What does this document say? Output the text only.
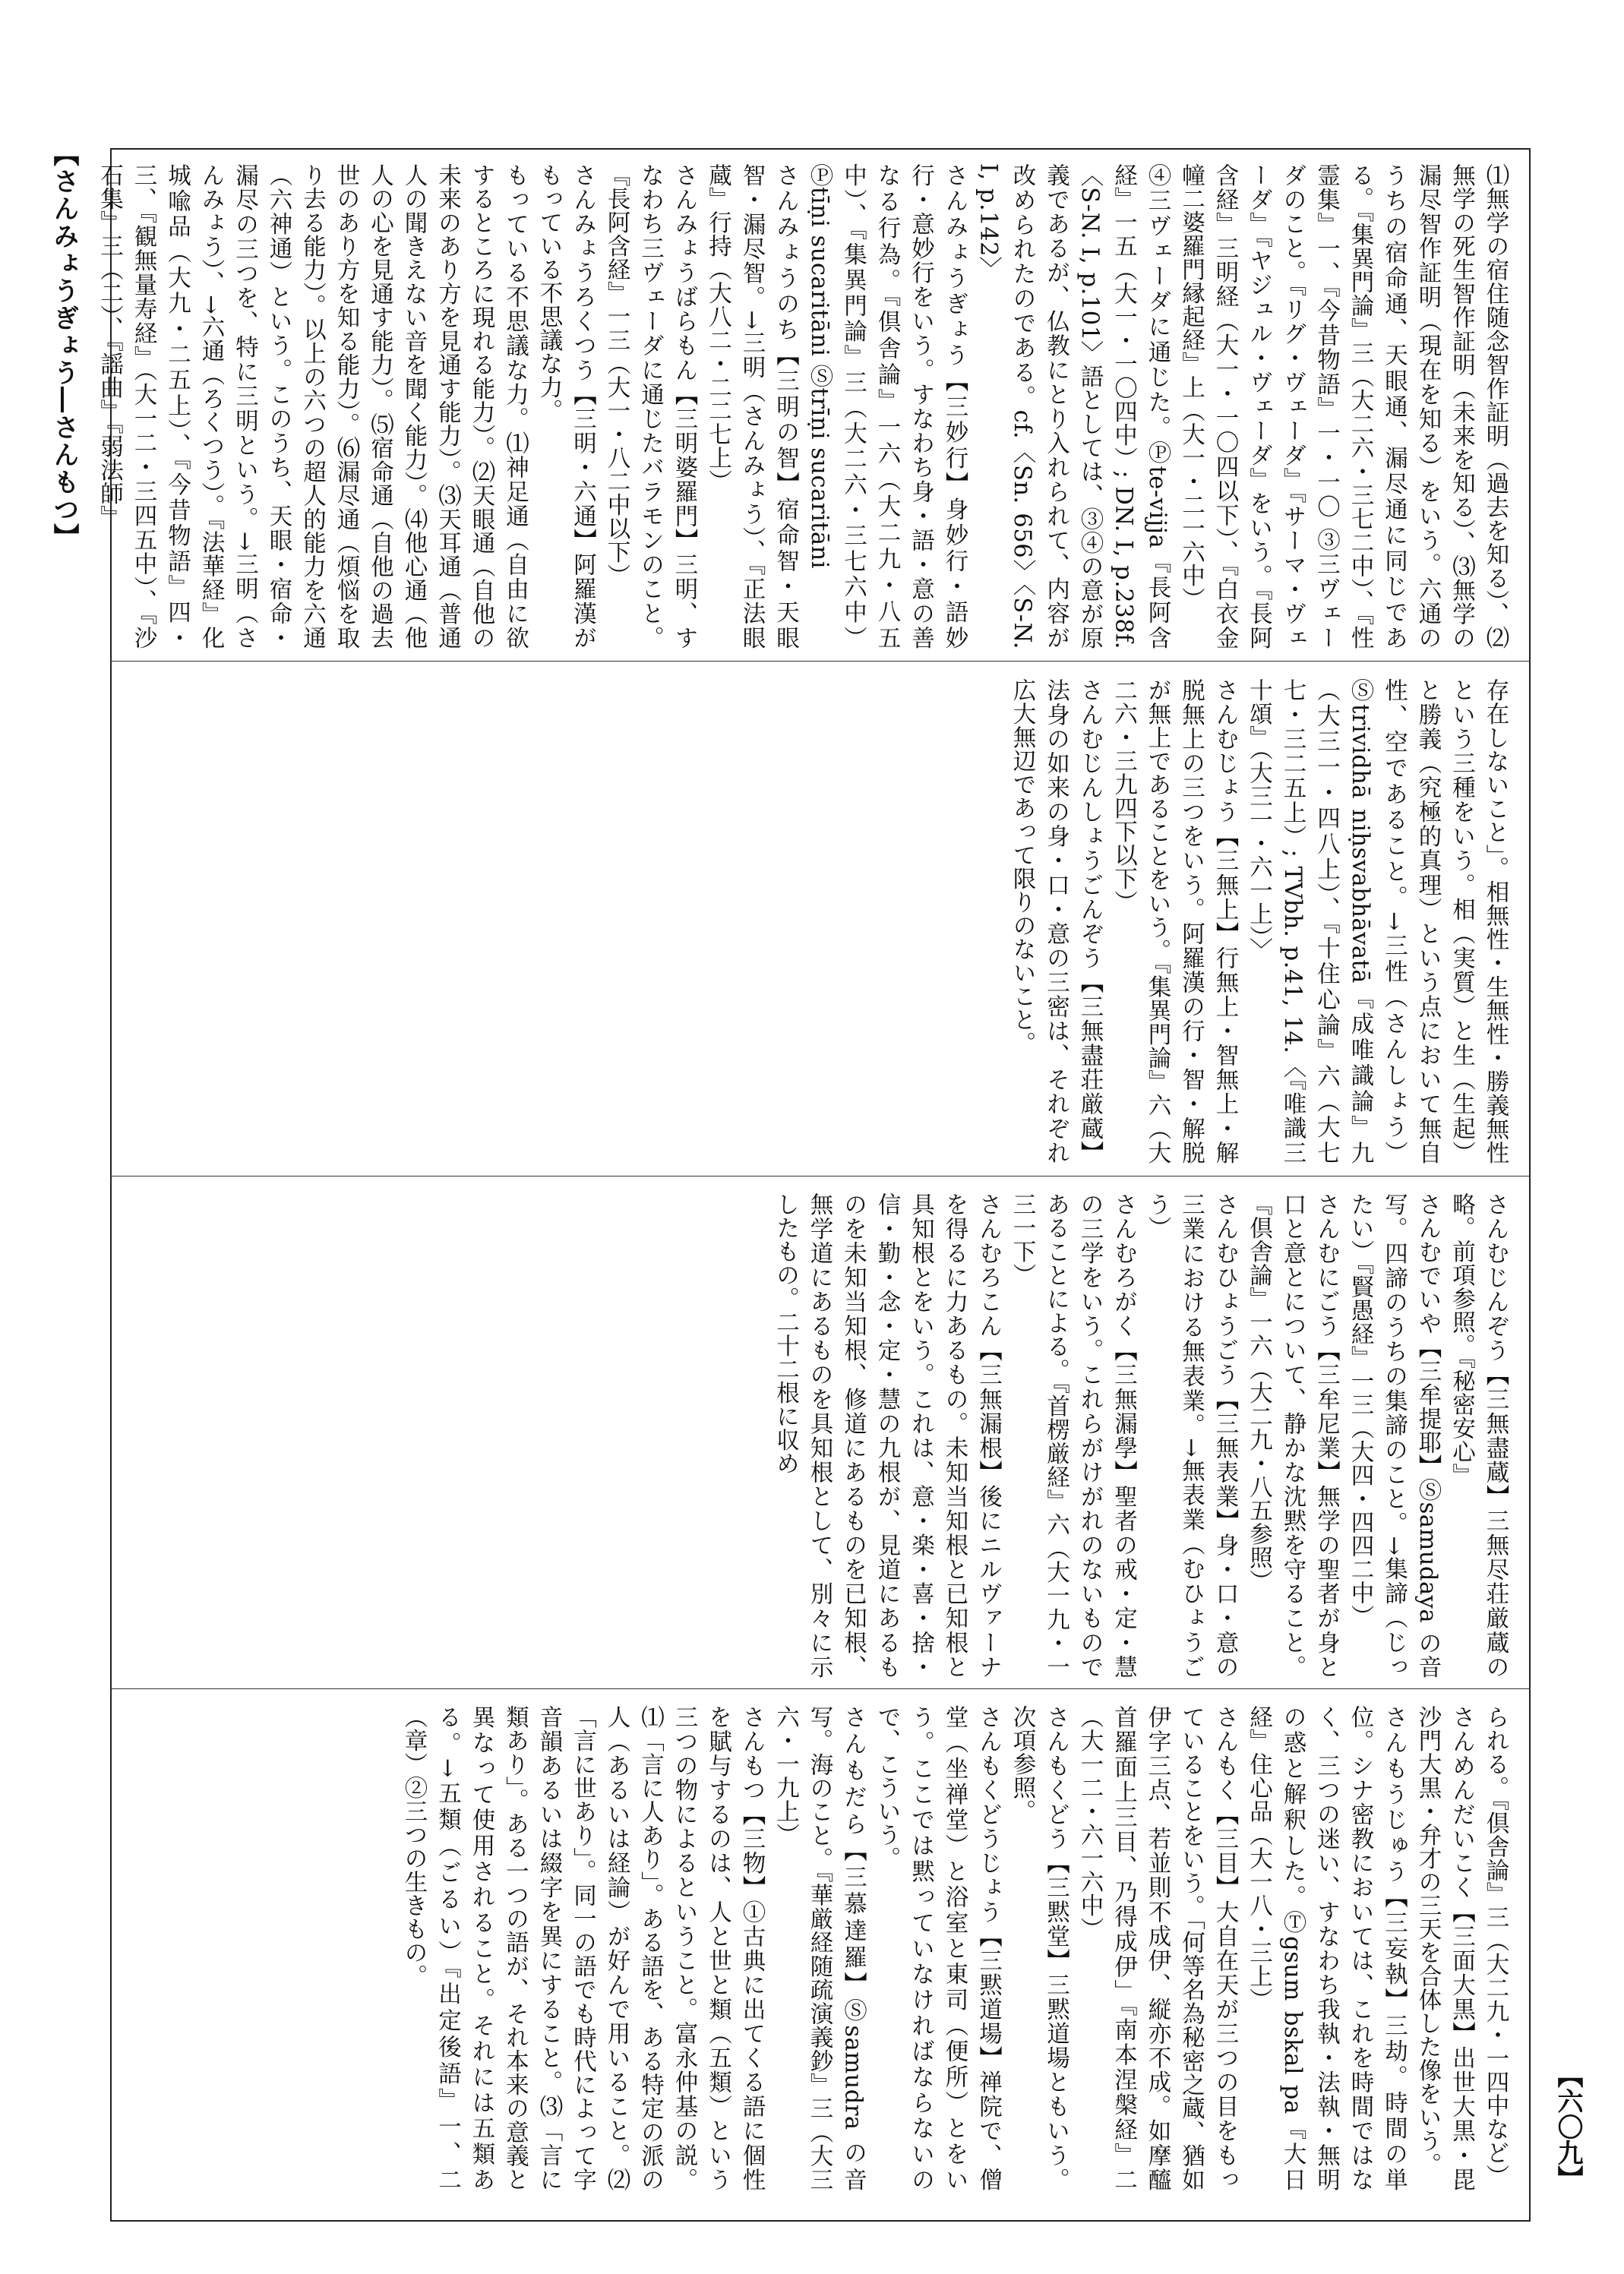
【さんみょうぎょう―さんもつ】
【六〇九】
⑴無学の宿住随念智作証明（過去を知る）、⑵無学の死生智作証明（未来を知る）、⑶無学の漏尽智作証明（現在を知る）をいう。六通のうちの宿命通、天眼通、漏尽通に同じである。『集異門論』三（大二六・三七二中）、『性霊集』一、『今昔物語』一・一〇 ③三ヴェーダのこと。『リグ・ヴェーダ』『サーマ・ヴェーダ』『ヤジュル・ヴェーダ』をいう。『長阿含経』三明経（大一・一〇四以下）、『白衣金幢二婆羅門縁起経』上（大一・二一六中）
④三ヴェーダに通じた。Ⓟte-vijja『長阿含経』一五（大一・一〇四中）; DN. I, p.238f.〈S-N. I, p.101〉語としては、③④の意が原義であるが、仏教にとり入れられて、内容が改められたのである。cf.〈Sn. 656〉〈S-N. I, p.142〉
さんみょうぎょう【三妙行】身妙行・語妙行・意妙行をいう。すなわち身・語・意の善なる行為。『倶舎論』一六（大二九・八五中）、『集異門論』三（大二六・三七六中）Ⓟtīṇi sucaritāni Ⓢtrīṇi sucaritāni
さんみょうのち【三明の智】宿命智・天眼智・漏尽智。→三明（さんみょう）、『正法眼蔵』行持（大八二・二二七上）
さんみょうばらもん【三明婆羅門】三明、すなわち三ヴェーダに通じたバラモンのこと。『長阿含経』一三（大一・八二中以下）
さんみょうろくつう【三明・六通】阿羅漢がもっている不思議な力。
もっている不思議な力。⑴神足通（自由に欲するところに現れる能力）。⑵天眼通（自他の未来のあり方を見通す能力）。⑶天耳通（普通人の聞きえない音を聞く能力）。⑷他心通（他人の心を見通す能力）。⑸宿命通（自他の過去世のあり方を知る能力）。⑹漏尽通（煩悩を取り去る能力）。以上の六つの超人的能力を六通（六神通）という。このうち、天眼・宿命・漏尽の三つを、特に三明という。→三明（さんみょう）、→六通（ろくつう）。『法華経』化城喩品（大九・二五上）、『今昔物語』四・三、『観無量寿経』（大一二・三四五中）、『沙石集』三（二）、『謡曲』『弱法師』
存在しないこと」。相無性・生無性・勝義無性という三種をいう。相（実質）と生（生起）と勝義（究極的真理）という点において無自性、空であること。→三性（さんしょう）Ⓢtrividhā niḥsvabhāvatā『成唯識論』九（大三一・四八上）、『十住心論』六（大七七・三二五上）; TVbh. p.41, 14.〈『唯識三十頌』（大三一・六一上）〉
さんむじょう【三無上】行無上・智無上・解脱無上の三つをいう。阿羅漢の行・智・解脱が無上であることをいう。『集異門論』六（大二六・三九四下以下）
さんむじんしょうごんぞう【三無盡荘厳蔵】法身の如来の身・口・意の三密は、それぞれ広大無辺であって限りのないこと。
さんむじんぞう【三無盡蔵】三無尽荘厳蔵の略。前項参照。『秘密安心』
さんむでいや【三牟提耶】Ⓢsamudaya の音写。四諦のうちの集諦のこと。→集諦（じったい）『賢愚経』一三（大四・四四二中）
さんむにごう【三牟尼業】無学の聖者が身と口と意とについて、静かな沈黙を守ること。『倶舎論』一六（大二九・八五参照）
さんむひょうごう【三無表業】身・口・意の三業における無表業。→無表業（むひょうごう）
さんむろがく【三無漏學】聖者の戒・定・慧の三学をいう。これらがけがれのないものであることによる。『首楞厳経』六（大一九・一三一下）
さんむろこん【三無漏根】後にニルヴァーナを得るに力あるもの。未知当知根と已知根と具知根とをいう。これは、意・楽・喜・捨・信・勤・念・定・慧の九根が、見道にあるものを未知当知根、修道にあるものを已知根、無学道にあるものを具知根として、別々に示したもの。二十二根に収め
られる。『倶舎論』三（大二九・一四中など）
さんめんだいこく【三面大黒】出世大黒・毘沙門大黒・弁才の三天を合体した像をいう。
さんもうじゅう【三妄執】三劫。時間の単位。シナ密教においては、これを時間ではなく、三つの迷い、すなわち我執・法執・無明の惑と解釈した。Ⓣgsum bskal pa『大日経』住心品（大一八・三上）
さんもく【三目】大自在天が三つの目をもっていることをいう。「何等名為秘密之蔵、猶如伊字三点、若並則不成伊、縦亦不成。如摩醯首羅面上三目、乃得成伊」『南本涅槃経』二（大一二・六一六中）
さんもくどう【三黙堂】三黙道場ともいう。次項参照。
さんもくどうじょう【三黙道場】禅院で、僧堂（坐禅堂）と浴室と東司（便所）とをいう。ここでは黙っていなければならないので、こういう。
さんもだら【三慕達羅】Ⓢsamudra の音写。海のこと。『華厳経随疏演義鈔』三（大三六・一九上）
さんもつ【三物】①古典に出てくる語に個性を賦与するのは、人と世と類（五類）という三つの物によるということ。富永仲基の説。⑴「言に人あり」。ある語を、ある特定の派の人（あるいは経論）が好んで用いること。⑵「言に世あり」。同一の語でも時代によって字音韻あるいは綴字を異にすること。⑶「言に類あり」。ある一つの語が、それ本来の意義と異なって使用されること。それには五類ある。→五類（ごるい）『出定後語』一、二（章）②三つの生きもの。
